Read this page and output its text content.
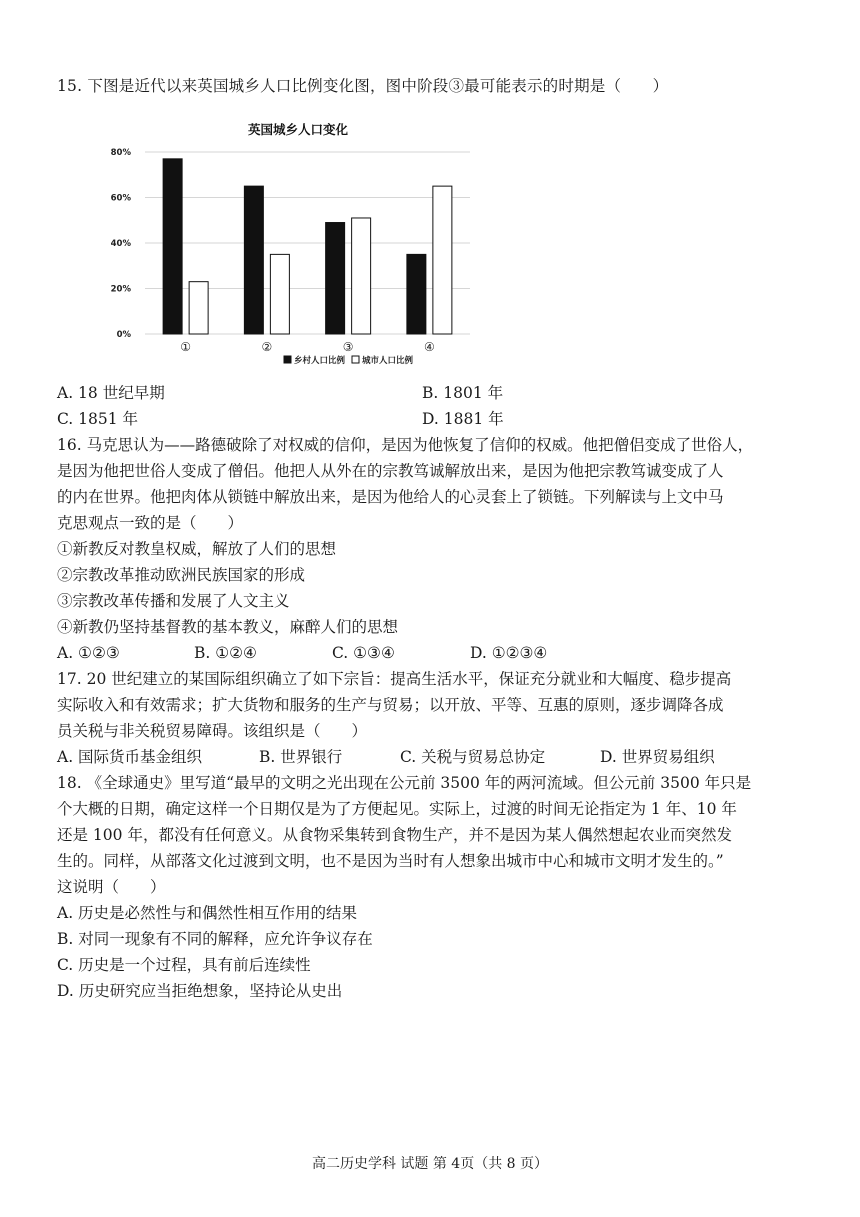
15. 下图是近代以来英国城乡人口比例变化图，图中阶段③最可能表示的时期是（　　）
英国城乡人口变化
0%
20%
40%
60%
80%
①	②	③	④
乡村人口比例 城市人口比例
A. 18 世纪早期	B. 1801 年
C. 1851 年	D. 1881 年
16. 马克思认为——路德破除了对权威的信仰，是因为他恢复了信仰的权威。他把僧侣变成了世俗人，
是因为他把世俗人变成了僧侣。他把人从外在的宗教笃诚解放出来，是因为他把宗教笃诚变成了人
的内在世界。他把肉体从锁链中解放出来，是因为他给人的心灵套上了锁链。下列解读与上文中马
克思观点一致的是（　　）
①新教反对教皇权威，解放了人们的思想
②宗教改革推动欧洲民族国家的形成
③宗教改革传播和发展了人文主义
④新教仍坚持基督教的基本教义，麻醉人们的思想
A. ①②③	B. ①②④	C. ①③④	D. ①②③④
17. 20 世纪建立的某国际组织确立了如下宗旨：提高生活水平，保证充分就业和大幅度、稳步提高
实际收入和有效需求；扩大货物和服务的生产与贸易；以开放、平等、互惠的原则，逐步调降各成
员关税与非关税贸易障碍。该组织是（　　）
A. 国际货币基金组织	B. 世界银行	C. 关税与贸易总协定	D. 世界贸易组织
18. 《全球通史》里写道“最早的文明之光出现在公元前 3500 年的两河流域。但公元前 3500 年只是
个大概的日期，确定这样一个日期仅是为了方便起见。实际上，过渡的时间无论指定为 1 年、10 年
还是 100 年，都没有任何意义。从食物采集转到食物生产，并不是因为某人偶然想起农业而突然发
生的。同样，从部落文化过渡到文明，也不是因为当时有人想象出城市中心和城市文明才发生的。”
这说明（　　）
A. 历史是必然性与和偶然性相互作用的结果
B. 对同一现象有不同的解释，应允许争议存在
C. 历史是一个过程，具有前后连续性
D. 历史研究应当拒绝想象，坚持论从史出
高二历史学科 试题 第 4页（共 8 页）
